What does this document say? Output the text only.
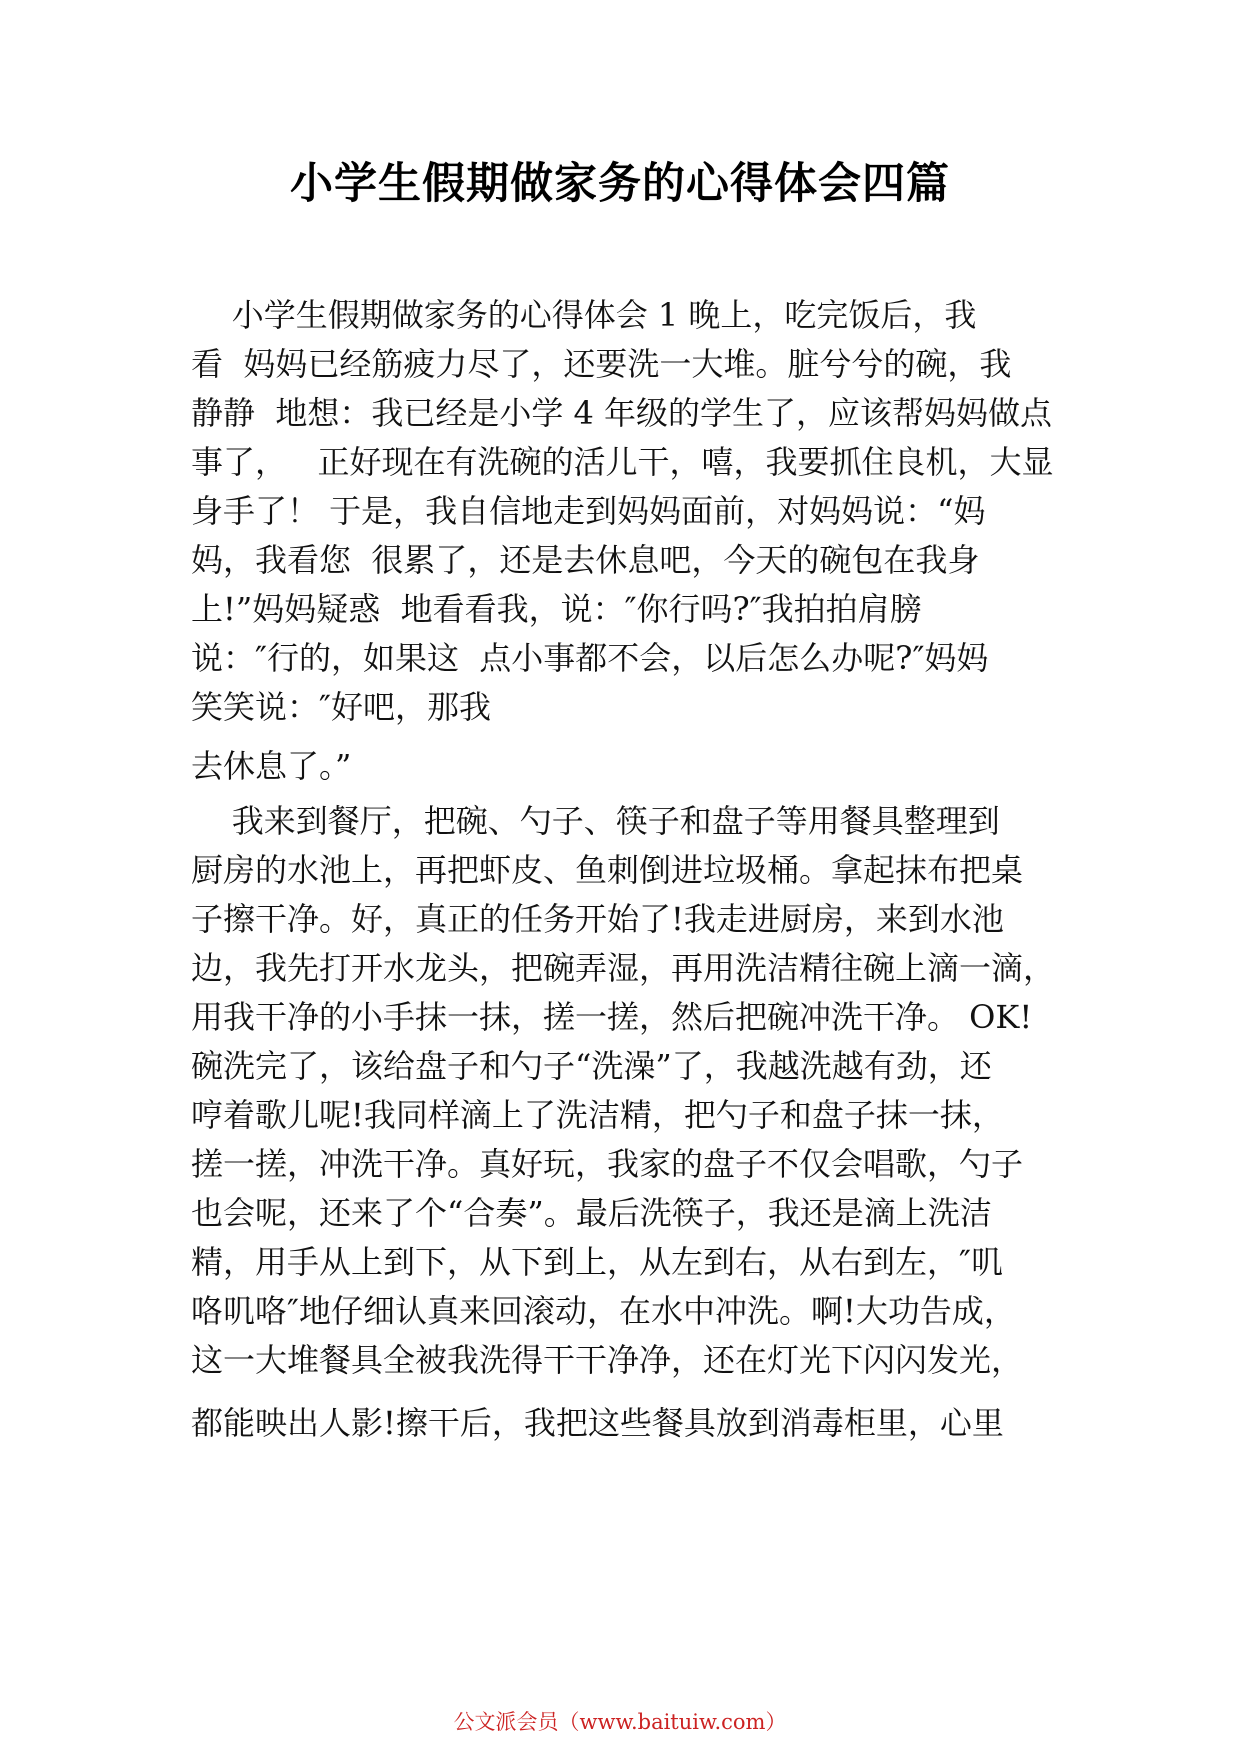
小学生假期做家务的心得体会四篇
小学生假期做家务的心得体会 1 晚上，吃完饭后，我
看  妈妈已经筋疲力尽了，还要洗一大堆。脏兮兮的碗，我
静静  地想：我已经是小学 4 年级的学生了，应该帮妈妈做点
事了，   正好现在有洗碗的活儿干，嘻，我要抓住良机，大显
身手了！ 于是，我自信地走到妈妈面前，对妈妈说：“妈
妈，我看您  很累了，还是去休息吧，今天的碗包在我身
上!”妈妈疑惑  地看看我，说：″你行吗?″我拍拍肩膀
说：″行的，如果这  点小事都不会，以后怎么办呢?″妈妈
笑笑说：″好吧，那我
去休息了。”
我来到餐厅，把碗、勺子、筷子和盘子等用餐具整理到
厨房的水池上，再把虾皮、鱼刺倒进垃圾桶。拿起抹布把桌
子擦干净。好，真正的任务开始了!我走进厨房，来到水池
边，我先打开水龙头，把碗弄湿，再用洗洁精往碗上滴一滴，
用我干净的小手抹一抹，搓一搓，然后把碗冲洗干净。 OK!
碗洗完了，该给盘子和勺子“洗澡”了，我越洗越有劲，还
哼着歌儿呢!我同样滴上了洗洁精，把勺子和盘子抹一抹，
搓一搓，冲洗干净。真好玩，我家的盘子不仅会唱歌，勺子
也会呢，还来了个“合奏”。最后洗筷子，我还是滴上洗洁
精，用手从上到下，从下到上，从左到右，从右到左，″叽
咯叽咯″地仔细认真来回滚动，在水中冲洗。啊!大功告成，
这一大堆餐具全被我洗得干干净净，还在灯光下闪闪发光，
都能映出人影!擦干后，我把这些餐具放到消毒柜里，心里
公文派会员（www.baituiw.com）
